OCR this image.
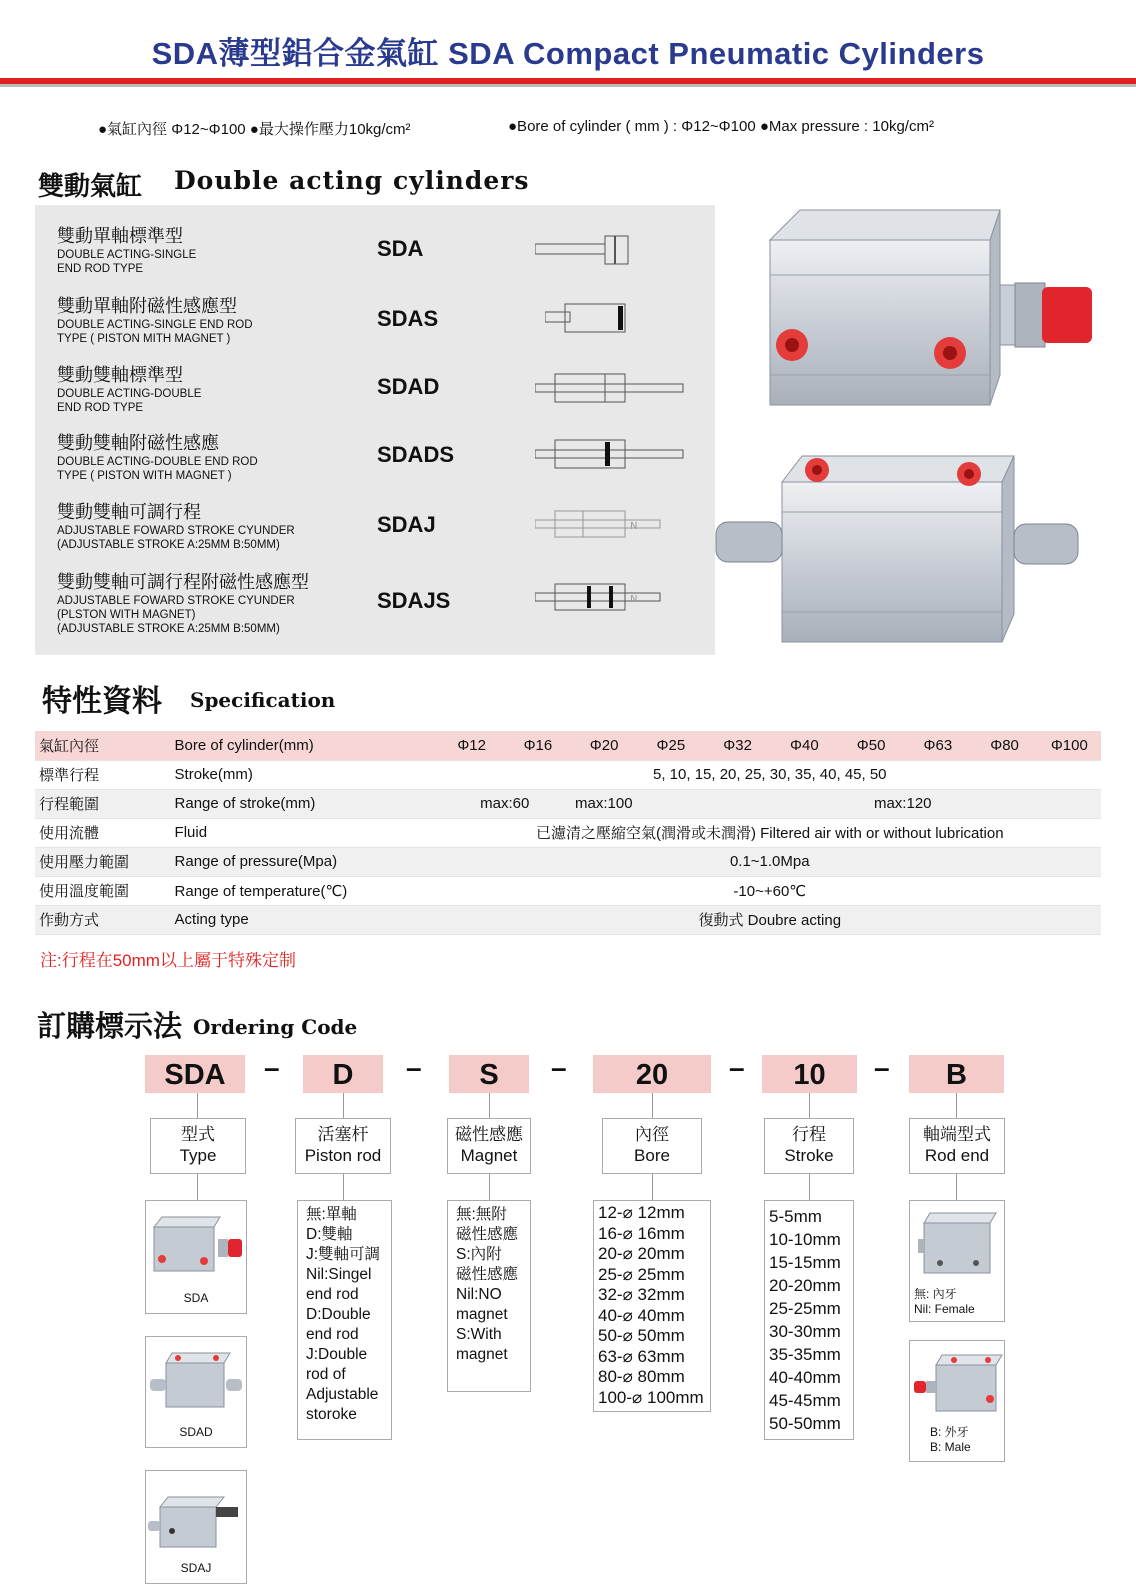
SDA薄型鋁合金氣缸 SDA Compact Pneumatic Cylinders
●氣缸內徑 Φ12~Φ100 ●最大操作壓力10kg/cm²	●Bore of cylinder ( mm ) : Φ12~Φ100 ●Max pressure : 10kg/cm²
雙動氣缸 Double acting cylinders
雙動單軸標準型
DOUBLE ACTING-SINGLE
END ROD TYPE
SDA
雙動單軸附磁性感應型
DOUBLE ACTING-SINGLE END ROD
TYPE ( PISTON MITH MAGNET )
SDAS
雙動雙軸標準型
DOUBLE ACTING-DOUBLE
END ROD TYPE
SDAD
雙動雙軸附磁性感應
DOUBLE ACTING-DOUBLE END ROD
TYPE ( PISTON WITH MAGNET )
SDADS
雙動雙軸可調行程
ADJUSTABLE FOWARD STROKE CYUNDER
(ADJUSTABLE STROKE A:25MM B:50MM)
SDAJ
雙動雙軸可調行程附磁性感應型
ADJUSTABLE FOWARD STROKE CYUNDER
(PLSTON WITH MAGNET)
(ADJUSTABLE STROKE A:25MM B:50MM)
SDAJS
N
N
特性資料 Specification
氣缸內徑	Bore of cylinder(mm)	Φ12	Φ16	Φ20	Φ25	Φ32	Φ40	Φ50	Φ63	Φ80	Φ100
標準行程	Stroke(mm)	5, 10, 15, 20, 25, 30, 35, 40, 45, 50									
行程範圍	Range of stroke(mm)	max:60		max:100		max:120					
使用流體	Fluid	已濾清之壓縮空氣(潤滑或未潤滑) Filtered air with or without lubrication									
使用壓力範圍	Range of pressure(Mpa)	0.1~1.0Mpa									
使用溫度範圍	Range of temperature(℃)	-10~+60℃									
作動方式	Acting type	復動式 Doubre acting									
注:行程在50mm以上屬于特殊定制
訂購標示法 Ordering Code
SDA	–	D	–	S	–	20	–	10	–	B
型式
Type
活塞杆
Piston rod
磁性感應
Magnet
內徑
Bore
行程
Stroke
軸端型式
Rod end
SDA
SDAD
SDAJ
無:單軸
D:雙軸
J:雙軸可調
Nil:Singel
end rod
D:Double
end rod
J:Double
rod of
Adjustable
storoke
無:無附
磁性感應
S:內附
磁性感應
Nil:NO
magnet
S:With
magnet
12-⌀ 12mm
16-⌀ 16mm
20-⌀ 20mm
25-⌀ 25mm
32-⌀ 32mm
40-⌀ 40mm
50-⌀ 50mm
63-⌀ 63mm
80-⌀ 80mm
100-⌀ 100mm
5-5mm
10-10mm
15-15mm
20-20mm
25-25mm
30-30mm
35-35mm
40-40mm
45-45mm
50-50mm
無: 內牙
Nil: Female
B: 外牙
B: Male
